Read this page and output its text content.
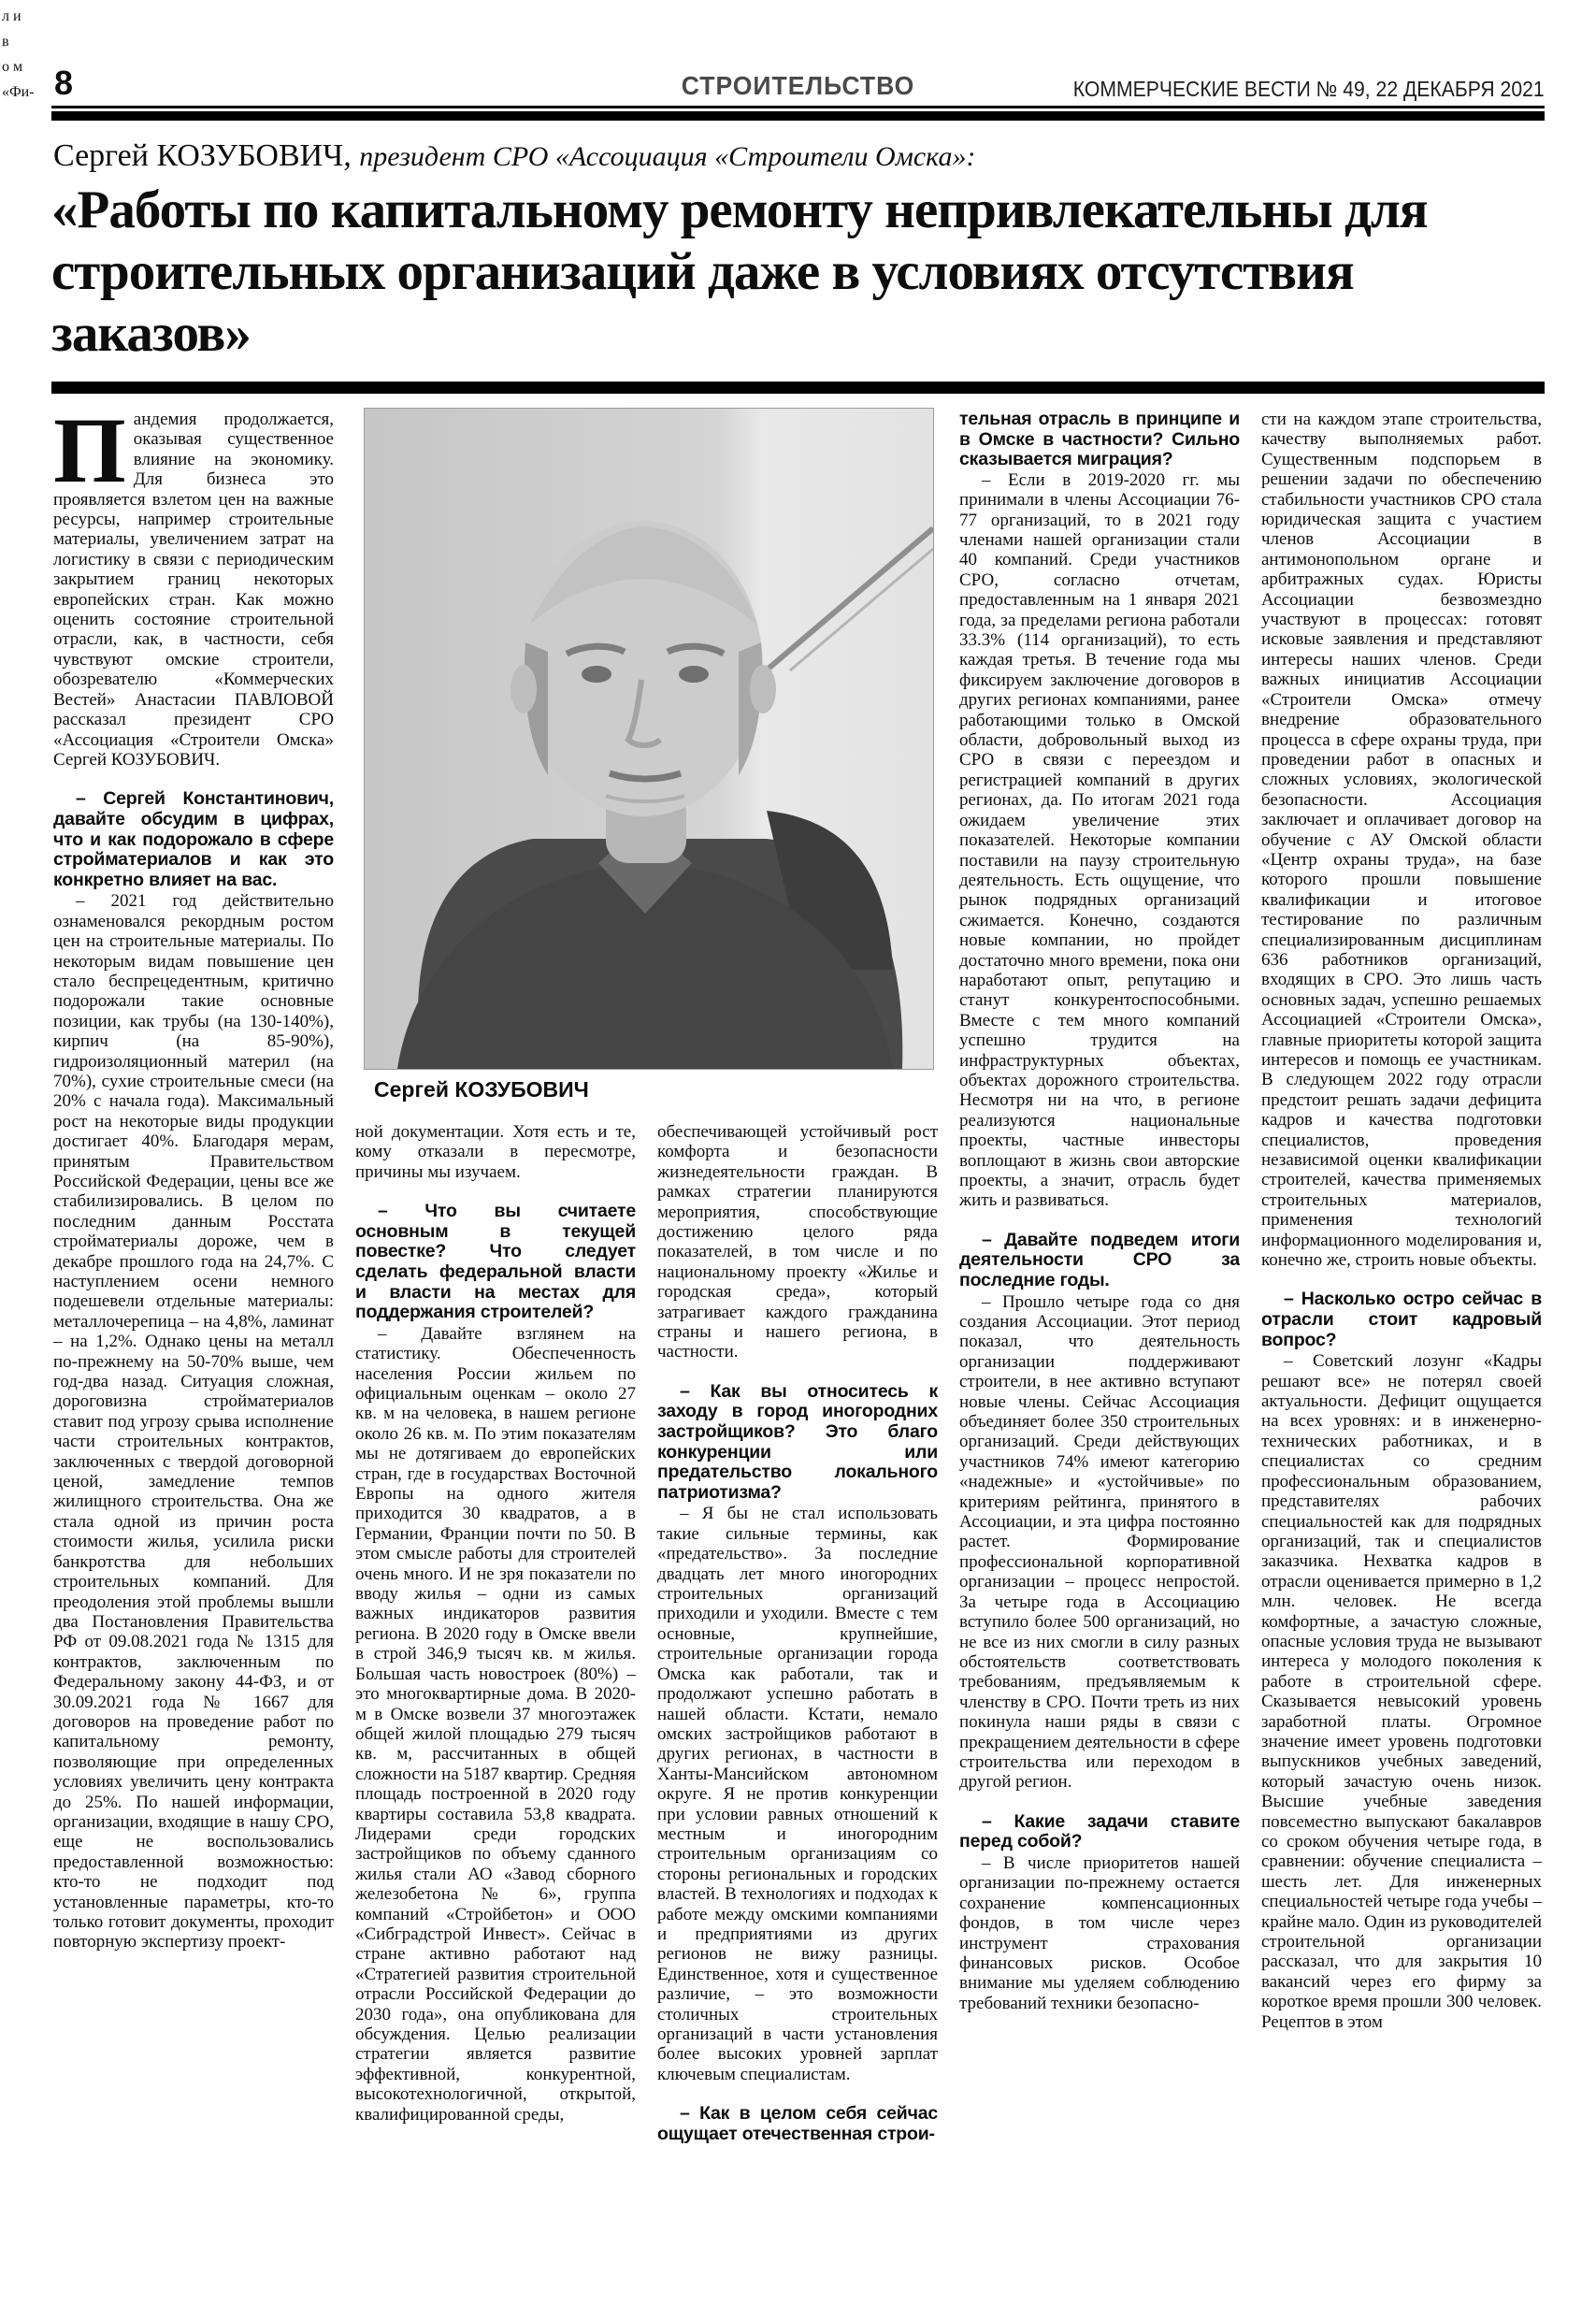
л и
в
о м
«Фи- 8	СТРОИТЕЛЬСТВО	КОММЕРЧЕСКИЕ ВЕСТИ № 49, 22 ДЕКАБРЯ 2021
Сергей КОЗУБОВИЧ, президент СРО «Ассоциация «Строители Омска»:
«Работы по капитальному ремонту непривлекательны для строительных организаций даже в условиях отсутствия заказов»
Сергей КОЗУБОВИЧ

Пандемия продолжается, оказывая существенное влияние на экономику. Для бизнеса это проявляется взлетом цен на важные ресурсы, например строительные материалы, увеличением затрат на логистику в связи с периодическим закрытием границ некоторых европейских стран. Как можно оценить состояние строительной отрасли, как, в частности, себя чувствуют омские строители, обозревателю «Коммерческих Вестей» Анастасии ПАВЛОВОЙ рассказал президент СРО «Ассоциация «Строители Омска» Сергей КОЗУБОВИЧ.

– Сергей Константинович, давайте обсудим в цифрах, что и как подорожало в сфере стройматериалов и как это конкретно влияет на вас.

– 2021 год действительно ознаменовался рекордным ростом цен на строительные материалы. По некоторым видам повышение цен стало беспрецедентным, критично подорожали такие основные позиции, как трубы (на 130-140%), кирпич (на 85-90%), гидроизоляционный материл (на 70%), сухие строительные смеси (на 20% с начала года). Максимальный рост на некоторые виды продукции достигает 40%. Благодаря мерам, принятым Правительством Российской Федерации, цены все же стабилизировались. В целом по последним данным Росстата стройматериалы дороже, чем в декабре прошлого года на 24,7%. С наступлением осени немного подешевели отдельные материалы: металлочерепица – на 4,8%, ламинат – на 1,2%. Однако цены на металл по-прежнему на 50-70% выше, чем год-два назад. Ситуация сложная, дороговизна стройматериалов ставит под угрозу срыва исполнение части строительных контрактов, заключенных с твердой договорной ценой, замедление темпов жилищного строительства. Она же стала одной из причин роста стоимости жилья, усилила риски банкротства для небольших строительных компаний. Для преодоления этой проблемы вышли два Постановления Правительства РФ от 09.08.2021 года № 1315 для контрактов, заключенным по Федеральному закону 44-ФЗ, и от 30.09.2021 года № 1667 для договоров на проведение работ по капитальному ремонту, позволяющие при определенных условиях увеличить цену контракта до 25%. По нашей информации, организации, входящие в нашу СРО, еще не воспользовались предоставленной возможностью: кто-то не подходит под установленные параметры, кто-то только готовит документы, проходит повторную экспертизу проект-

ной документации. Хотя есть и те, кому отказали в пересмотре, причины мы изучаем.

– Что вы считаете основным в текущей повестке? Что следует сделать федеральной власти и власти на местах для поддержания строителей?

– Давайте взглянем на статистику. Обеспеченность населения России жильем по официальным оценкам – около 27 кв. м на человека, в нашем регионе около 26 кв. м. По этим показателям мы не дотягиваем до европейских стран, где в государствах Восточной Европы на одного жителя приходится 30 квадратов, а в Германии, Франции почти по 50. В этом смысле работы для строителей очень много. И не зря показатели по вводу жилья – одни из самых важных индикаторов развития региона. В 2020 году в Омске ввели в строй 346,9 тысяч кв. м жилья. Большая часть новостроек (80%) – это многоквартирные дома. В 2020-м в Омске возвели 37 многоэтажек общей жилой площадью 279 тысяч кв. м, рассчитанных в общей сложности на 5187 квартир. Средняя площадь построенной в 2020 году квартиры составила 53,8 квадрата. Лидерами среди городских застройщиков по объему сданного жилья стали АО «Завод сборного железобетона № 6», группа компаний «Стройбетон» и ООО «Сибградстрой Инвест». Сейчас в стране активно работают над «Стратегией развития строительной отрасли Российской Федерации до 2030 года», она опубликована для обсуждения. Целью реализации стратегии является развитие эффективной, конкурентной, высокотехнологичной, открытой, квалифицированной среды,

обеспечивающей устойчивый рост комфорта и безопасности жизнедеятельности граждан. В рамках стратегии планируются мероприятия, способствующие достижению целого ряда показателей, в том числе и по национальному проекту «Жилье и городская среда», который затрагивает каждого гражданина страны и нашего региона, в частности.

– Как вы относитесь к заходу в город иногородних застройщиков? Это благо конкуренции или предательство локального патриотизма?

– Я бы не стал использовать такие сильные термины, как «предательство». За последние двадцать лет много иногородних строительных организаций приходили и уходили. Вместе с тем основные, крупнейшие, строительные организации города Омска как работали, так и продолжают успешно работать в нашей области. Кстати, немало омских застройщиков работают в других регионах, в частности в Ханты-Мансийском автономном округе. Я не против конкуренции при условии равных отношений к местным и иногородним строительным организациям со стороны региональных и городских властей. В технологиях и подходах к работе между омскими компаниями и предприятиями из других регионов не вижу разницы. Единственное, хотя и существенное различие, – это возможности столичных строительных организаций в части установления более высоких уровней зарплат ключевым специалистам.

– Как в целом себя сейчас ощущает отечественная строи-

тельная отрасль в принципе и в Омске в частности? Сильно сказывается миграция?

– Если в 2019-2020 гг. мы принимали в члены Ассоциации 76-77 организаций, то в 2021 году членами нашей организации стали 40 компаний. Среди участников СРО, согласно отчетам, предоставленным на 1 января 2021 года, за пределами региона работали 33.3% (114 организаций), то есть каждая третья. В течение года мы фиксируем заключение договоров в других регионах компаниями, ранее работающими только в Омской области, добровольный выход из СРО в связи с переездом и регистрацией компаний в других регионах, да. По итогам 2021 года ожидаем увеличение этих показателей. Некоторые компании поставили на паузу строительную деятельность. Есть ощущение, что рынок подрядных организаций сжимается. Конечно, создаются новые компании, но пройдет достаточно много времени, пока они наработают опыт, репутацию и станут конкурентоспособными. Вместе с тем много компаний успешно трудится на инфраструктурных объектах, объектах дорожного строительства. Несмотря ни на что, в регионе реализуются национальные проекты, частные инвесторы воплощают в жизнь свои авторские проекты, а значит, отрасль будет жить и развиваться.

– Давайте подведем итоги деятельности СРО за последние годы.

– Прошло четыре года со дня создания Ассоциации. Этот период показал, что деятельность организации поддерживают строители, в нее активно вступают новые члены. Сейчас Ассоциация объединяет более 350 строительных организаций. Среди действующих участников 74% имеют категорию «надежные» и «устойчивые» по критериям рейтинга, принятого в Ассоциации, и эта цифра постоянно растет. Формирование профессиональной корпоративной организации – процесс непростой. За четыре года в Ассоциацию вступило более 500 организаций, но не все из них смогли в силу разных обстоятельств соответствовать требованиям, предъявляемым к членству в СРО. Почти треть из них покинула наши ряды в связи с прекращением деятельности в сфере строительства или переходом в другой регион.

– Какие задачи ставите перед собой?

– В числе приоритетов нашей организации по-прежнему остается сохранение компенсационных фондов, в том числе через инструмент страхования финансовых рисков. Особое внимание мы уделяем соблюдению требований техники безопасно-

сти на каждом этапе строительства, качеству выполняемых работ. Существенным подспорьем в решении задачи по обеспечению стабильности участников СРО стала юридическая защита с участием членов Ассоциации в антимонопольном органе и арбитражных судах. Юристы Ассоциации безвозмездно участвуют в процессах: готовят исковые заявления и представляют интересы наших членов. Среди важных инициатив Ассоциации «Строители Омска» отмечу внедрение образовательного процесса в сфере охраны труда, при проведении работ в опасных и сложных условиях, экологической безопасности. Ассоциация заключает и оплачивает договор на обучение с АУ Омской области «Центр охраны труда», на базе которого прошли повышение квалификации и итоговое тестирование по различным специализированным дисциплинам 636 работников организаций, входящих в СРО. Это лишь часть основных задач, успешно решаемых Ассоциацией «Строители Омска», главные приоритеты которой защита интересов и помощь ее участникам. В следующем 2022 году отрасли предстоит решать задачи дефицита кадров и качества подготовки специалистов, проведения независимой оценки квалификации строителей, качества применяемых строительных материалов, применения технологий информационного моделирования и, конечно же, строить новые объекты.

– Насколько остро сейчас в отрасли стоит кадровый вопрос?

– Советский лозунг «Кадры решают все» не потерял своей актуальности. Дефицит ощущается на всех уровнях: и в инженерно-технических работниках, и в специалистах со средним профессиональным образованием, представителях рабочих специальностей как для подрядных организаций, так и специалистов заказчика. Нехватка кадров в отрасли оценивается примерно в 1,2 млн. человек. Не всегда комфортные, а зачастую сложные, опасные условия труда не вызывают интереса у молодого поколения к работе в строительной сфере. Сказывается невысокий уровень заработной платы. Огромное значение имеет уровень подготовки выпускников учебных заведений, который зачастую очень низок. Высшие учебные заведения повсеместно выпускают бакалавров со сроком обучения четыре года, в сравнении: обучение специалиста – шесть лет. Для инженерных специальностей четыре года учебы – крайне мало. Один из руководителей строительной организации рассказал, что для закрытия 10 вакансий через его фирму за короткое время прошли 300 человек. Рецептов в этом
